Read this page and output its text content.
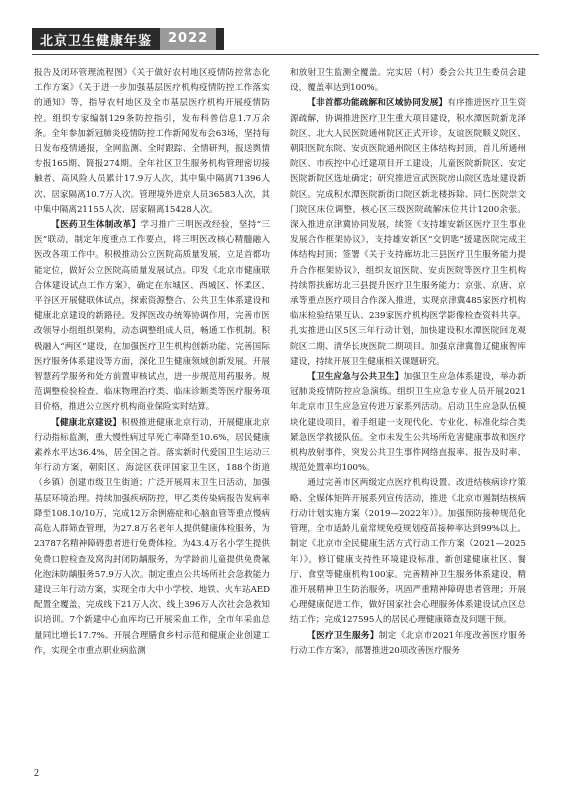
北京卫生健康年鉴	2022

报告及闭环管理流程图》《关于做好农村地区疫情防控常态化工作方案》《关于进一步加强基层医疗机构疫情防控工作落实的通知》等，指导农村地区及全市基层医疗机构开展疫情防控。组织专家编制129条防控指引，发布科普信息1.7万余条。全年参加新冠肺炎疫情防控工作新闻发布会63场，坚持每日发布疫情通报，全网监测、全时跟踪、全情研判，报送舆情专报165期、简报274期。全年社区卫生服务机构管理密切接触者、高风险人员累计17.9万人次，其中集中隔离71396人次、居家隔离10.7万人次。管理境外进京人员36583人次，其中集中隔离21155人次、居家隔离15428人次。

【医药卫生体制改革】学习推广三明医改经验，坚持“三医”联动，制定年度重点工作要点，将三明医改核心精髓融入医改各项工作中。积极推动公立医院高质量发展，立足首都功能定位，做好公立医院高质量发展试点。印发《北京市健康联合体建设试点工作方案》，确定在东城区、西城区、怀柔区、平谷区开展健联体试点，探索资源整合、公共卫生体系建设和健康北京建设的新路径。发挥医改办统筹协调作用，完善市医改领导小组组织架构，动态调整组成人员，畅通工作机制。积极融入“两区”建设，在加强医疗卫生机构创新功能、完善国际医疗服务体系建设等方面，深化卫生健康领域创新发展。开展智慧药学服务和处方前置审核试点，进一步规范用药服务。规范调整检验检查、临床物理治疗类、临床诊断类等医疗服务项目价格，推进公立医疗机构商业保险实时结算。

【健康北京建设】积极推进健康北京行动，开展健康北京行动指标监测，重大慢性病过早死亡率降至10.6%，居民健康素养水平达36.4%，居全国之首。落实新时代爱国卫生运动三年行动方案，朝阳区、海淀区获评国家卫生区，188个街道（乡镇）创建市级卫生街道；广泛开展周末卫生日活动，加强基层环境治理。持续加强疾病防控，甲乙类传染病报告发病率降至108.10/10万，完成12万余例癌症和心脑血管等重点慢病高危人群筛查管理，为27.8万名老年人提供健康体检服务，为23787名精神障碍患者进行免费体检。为43.4万名小学生提供免费口腔检查及窝沟封闭防龋服务，为学龄前儿童提供免费氟化泡沫防龋服务57.9万人次。制定重点公共场所社会急救能力建设三年行动方案，实现全市大中小学校、地铁、火车站AED配置全覆盖，完成线下21万人次、线上396万人次社会急救知识培训。7个新建中心血库均已开展采血工作，全市年采血总量同比增长17.7%。开展合理膳食乡村示范和健康企业创建工作，实现全市重点职业病监测

和放射卫生监测全覆盖。完实居（村）委会公共卫生委员会建设，覆盖率达到100%。

【非首都功能疏解和区域协同发展】有序推进医疗卫生资源疏解，协调推进医疗卫生重大项目建设，积水潭医院新龙泽院区、北大人民医院通州院区正式开诊，友谊医院顺义院区、朝阳医院东院、安贞医院通州院区主体结构封顶，首儿所通州院区、市疾控中心迁建项目开工建设，儿童医院新院区、安定医院新院区选址确定；研究推进宣武医院房山院区选址建设新院区。完成积水潭医院新街口院区新北楼拆除、同仁医院崇文门院区床位调整，核心区三级医院疏解床位共计1200余张。深入推进京津冀协同发展，续签《支持雄安新区医疗卫生事业发展合作框架协议》，支持雄安新区“交钥匙”援建医院完成主体结构封顶；签署《关于支持廊坊北三县医疗卫生服务能力提升合作框架协议》，组织友谊医院、安贞医院等医疗卫生机构持续帮扶廊坊北三县提升医疗卫生服务能力；京张、京唐、京承等重点医疗项目合作深入推进，实现京津冀485家医疗机构临床检验结果互认、239家医疗机构医学影像检查资料共享。扎实推进山区5区三年行动计划，加快建设积水潭医院回龙观院区二期、清华长庚医院二期项目。加强京津冀鲁辽健康智库建设，持续开展卫生健康相关课题研究。

【卫生应急与公共卫生】加强卫生应急体系建设，举办新冠肺炎疫情防控应急演练。组织卫生应急专业人员开展2021年北京市卫生应急宣传进万家系列活动。启动卫生应急队伍模块化建设项目，着手组建一支现代化、专业化、标准化综合类紧急医学救援队伍。全市未发生公共场所危害健康事故和医疗机构放射事件，突发公共卫生事件网络直报率、报告及时率、规范处置率均100%。

通过完善市区两级定点医疗机构设置、改进结核病诊疗策略、全媒体矩阵开展系列宣传活动，推进《北京市遏制结核病行动计划实施方案（2019—2022年）》。加强预防接种规范化管理，全市适龄儿童常规免疫规划疫苗接种率达到99%以上。制定《北京市全民健康生活方式行动工作方案（2021—2025年）》，修订健康支持性环境建设标准，新创建健康社区、餐厅、食堂等健康机构100家。完善精神卫生服务体系建设，精准开展精神卫生防治服务，巩固严重精神障碍患者管理；开展心理健康促进工作，做好国家社会心理服务体系建设试点区总结工作；完成127595人的居民心理健康筛查及问题干预。

【医疗卫生服务】制定《北京市2021年度改善医疗服务行动工作方案》，部署推进20项改善医疗服务

2
